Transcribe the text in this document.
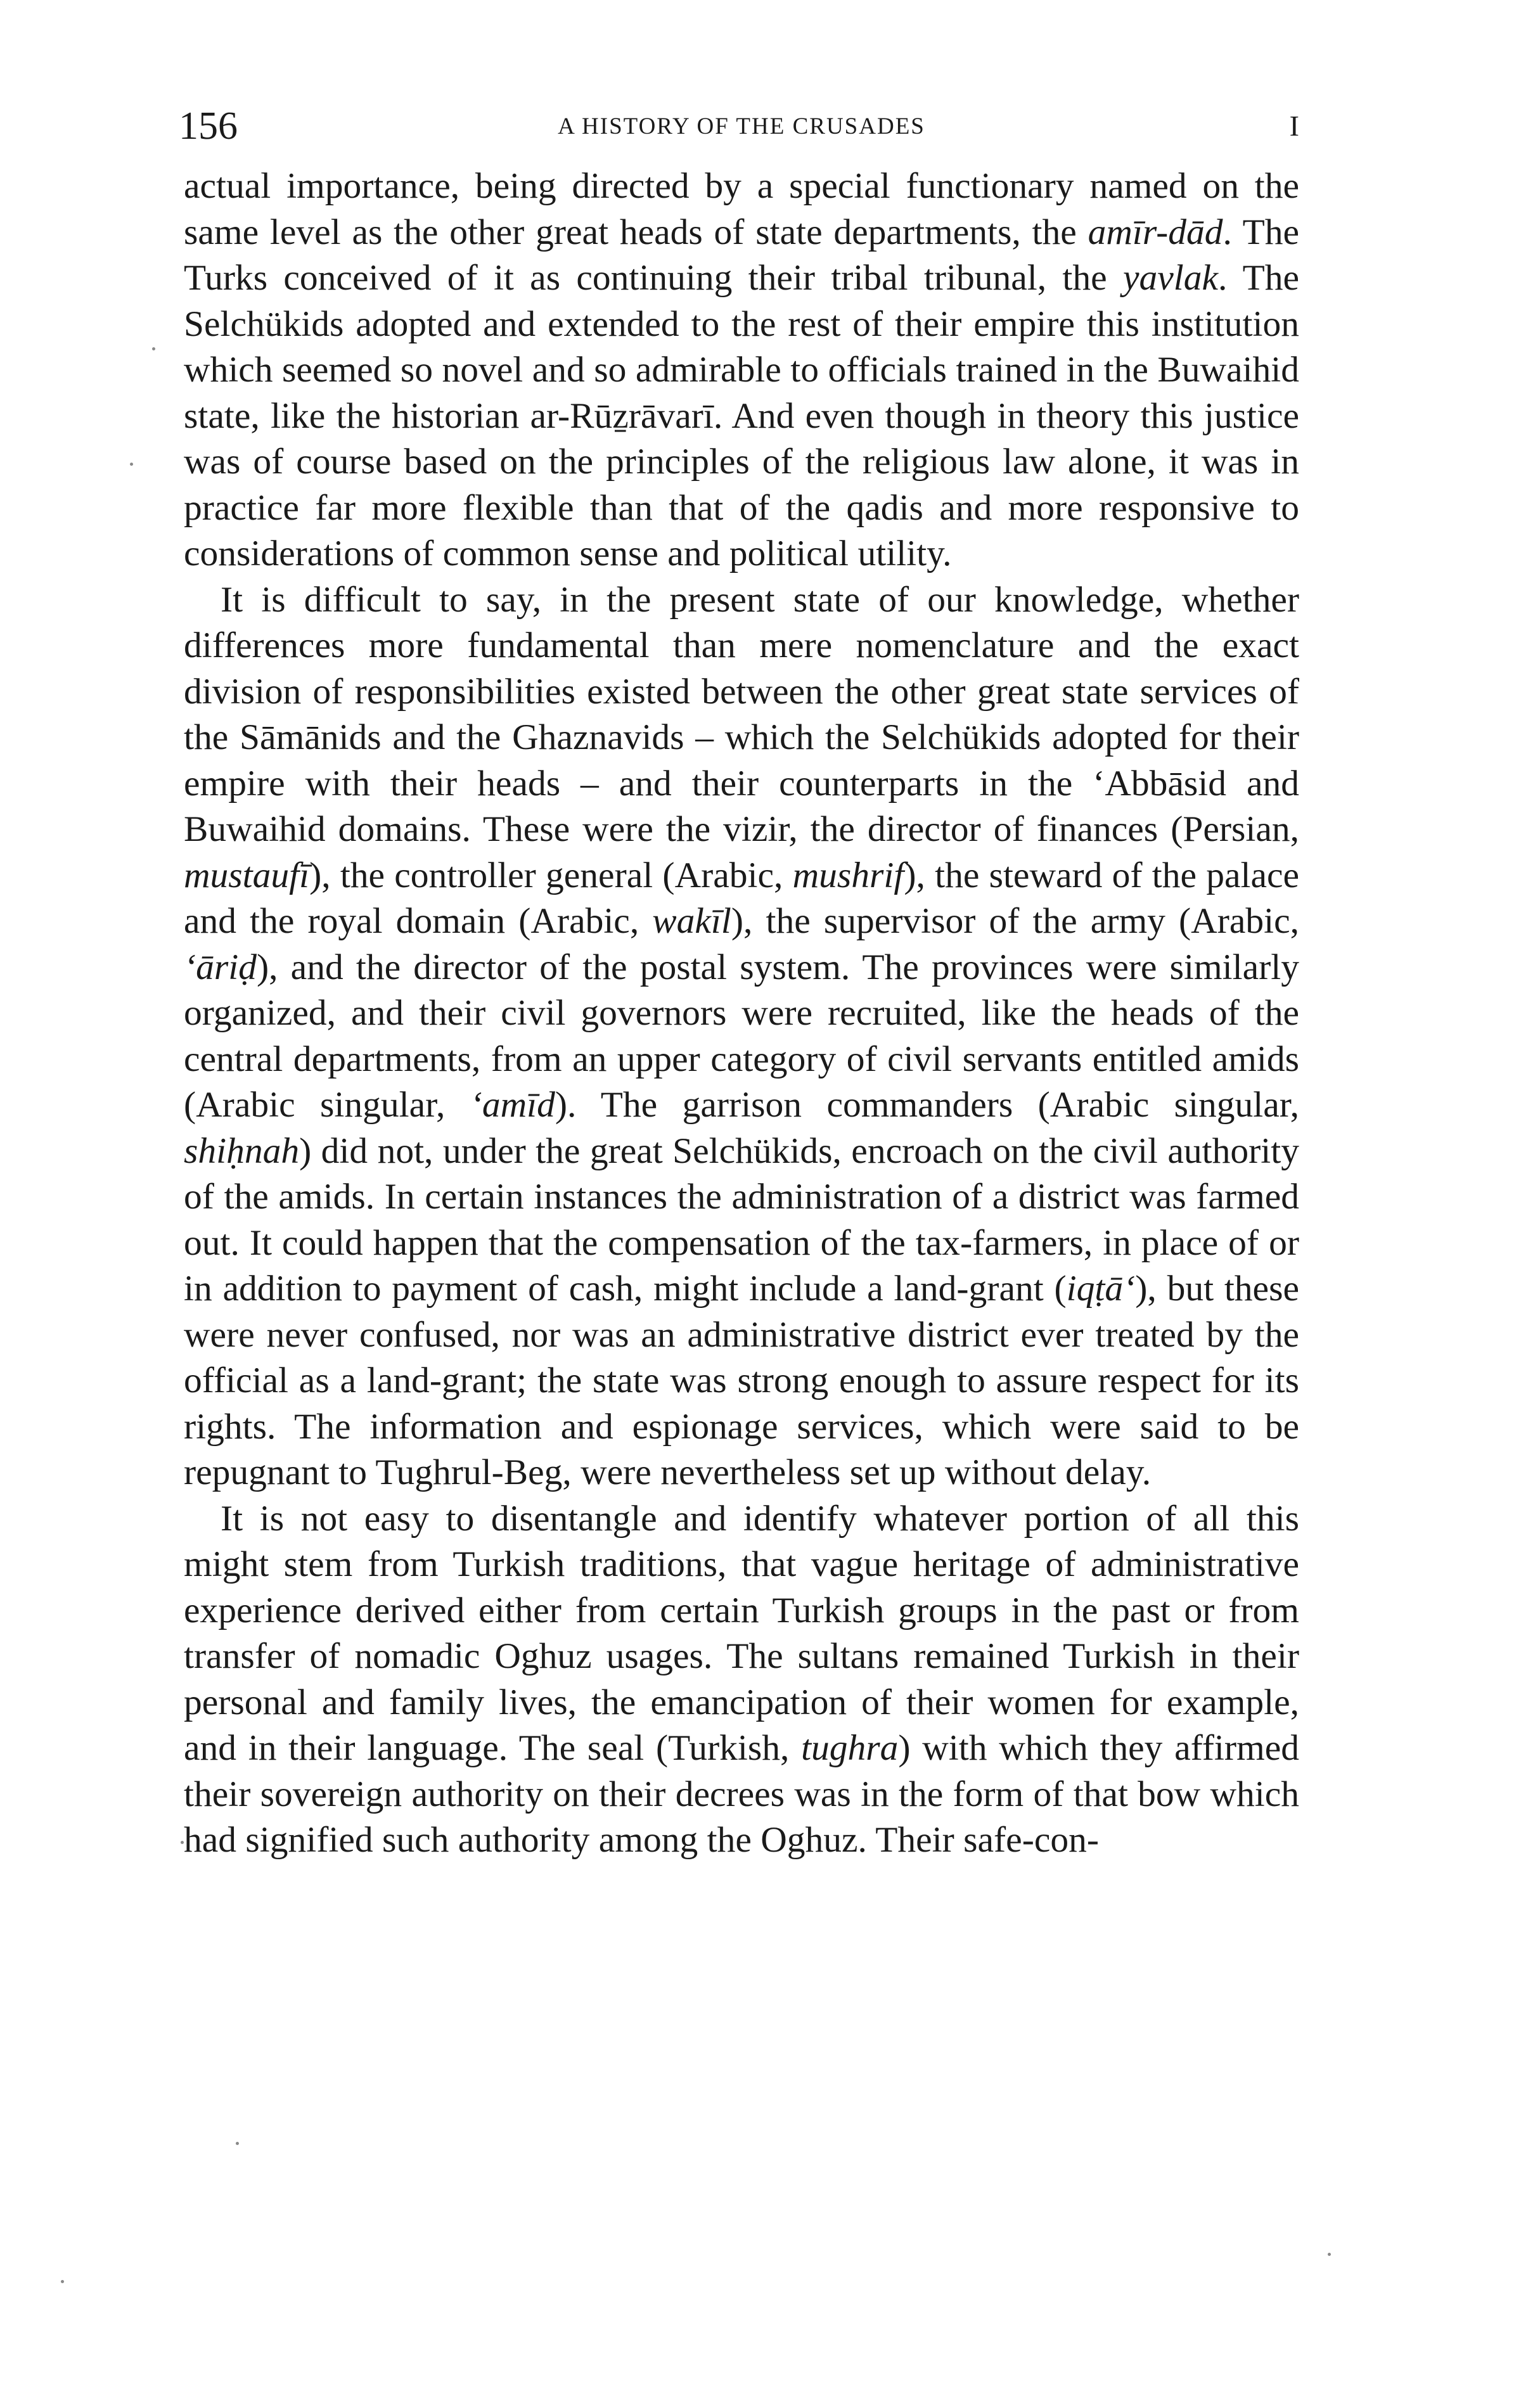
156	A HISTORY OF THE CRUSADES	I

actual importance, being directed by a special functionary named on the same level as the other great heads of state departments, the amīr-dād. The Turks conceived of it as continuing their tribal tribunal, the yavlak. The Selchükids adopted and extended to the rest of their empire this institution which seemed so novel and so admirable to officials trained in the Buwaihid state, like the historian ar-Rūẕrāvarī. And even though in theory this justice was of course based on the principles of the religious law alone, it was in practice far more flexible than that of the qadis and more responsive to considerations of common sense and political utility.

It is difficult to say, in the present state of our knowledge, whether differences more fundamental than mere nomenclature and the exact division of responsibilities existed between the other great state services of the Sāmānids and the Ghaznavids – which the Selchükids adopted for their empire with their heads – and their counterparts in the ‘Abbāsid and Buwaihid domains. These were the vizir, the director of finances (Persian, mustaufī), the controller general (Arabic, mushrif), the steward of the palace and the royal domain (Arabic, wakīl), the supervisor of the army (Arabic, ‘āriḍ), and the director of the postal system. The provinces were similarly organized, and their civil governors were recruited, like the heads of the central departments, from an upper category of civil servants entitled amids (Arabic singular, ‘amīd). The garrison commanders (Arabic singular, shiḥnah) did not, under the great Selchükids, encroach on the civil authority of the amids. In certain instances the administration of a district was farmed out. It could happen that the compensation of the tax-farmers, in place of or in addition to payment of cash, might include a land-grant (iqṭā‘), but these were never confused, nor was an administrative district ever treated by the official as a land-grant; the state was strong enough to assure respect for its rights. The information and espionage services, which were said to be repugnant to Tughrul-Beg, were nevertheless set up without delay.

It is not easy to disentangle and identify whatever portion of all this might stem from Turkish traditions, that vague heritage of administrative experience derived either from certain Turkish groups in the past or from transfer of nomadic Oghuz usages. The sultans remained Turkish in their personal and family lives, the emancipation of their women for example, and in their language. The seal (Turkish, tughra) with which they affirmed their sovereign authority on their decrees was in the form of that bow which had signified such authority among the Oghuz. Their safe-con-
